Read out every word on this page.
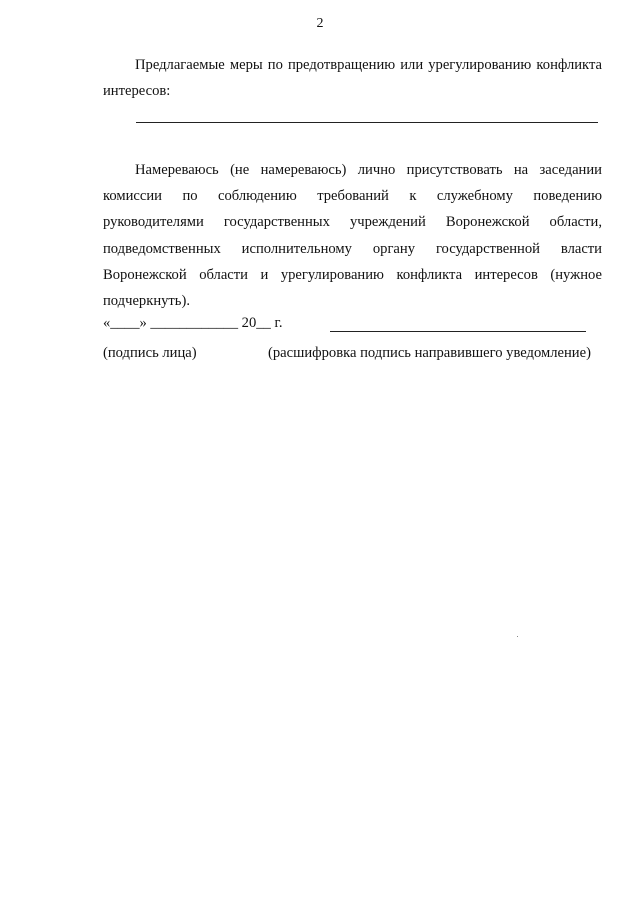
2

Предлагаемые меры по предотвращению или урегулированию конфликта интересов:

Намереваюсь (не намереваюсь) лично присутствовать на заседании комиссии по соблюдению требований к служебному поведению руководителями государственных учреждений Воронежской области, подведомственных исполнительному органу государственной власти Воронежской области и урегулированию конфликта интересов (нужное подчеркнуть).

«____» ____________ 20__ г.
(подпись лица)	(расшифровка подпись направившего уведомление)
